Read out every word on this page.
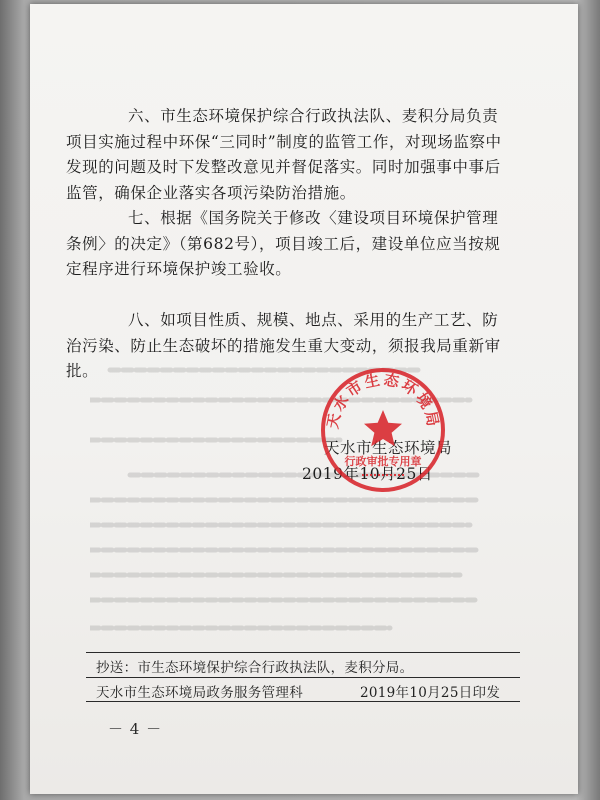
六、市生态环境保护综合行政执法队、麦积分局负责项目实施过程中环保“三同时”制度的监管工作，对现场监察中发现的问题及时下发整改意见并督促落实。同时加强事中事后监管，确保企业落实各项污染防治措施。

七、根据《国务院关于修改〈建设项目环境保护管理条例〉的决定》（第682号），项目竣工后，建设单位应当按规定程序进行环境保护竣工验收。

八、如项目性质、规模、地点、采用的生产工艺、防治污染、防止生态破坏的措施发生重大变动，须报我局重新审批。

天水市生态环境局
2019年10月25日
天水市生态环境局
行政审批专用章
抄送：市生态环境保护综合行政执法队，麦积分局。
天水市生态环境局政务服务管理科	2019年10月25日印发
－ 4 －
